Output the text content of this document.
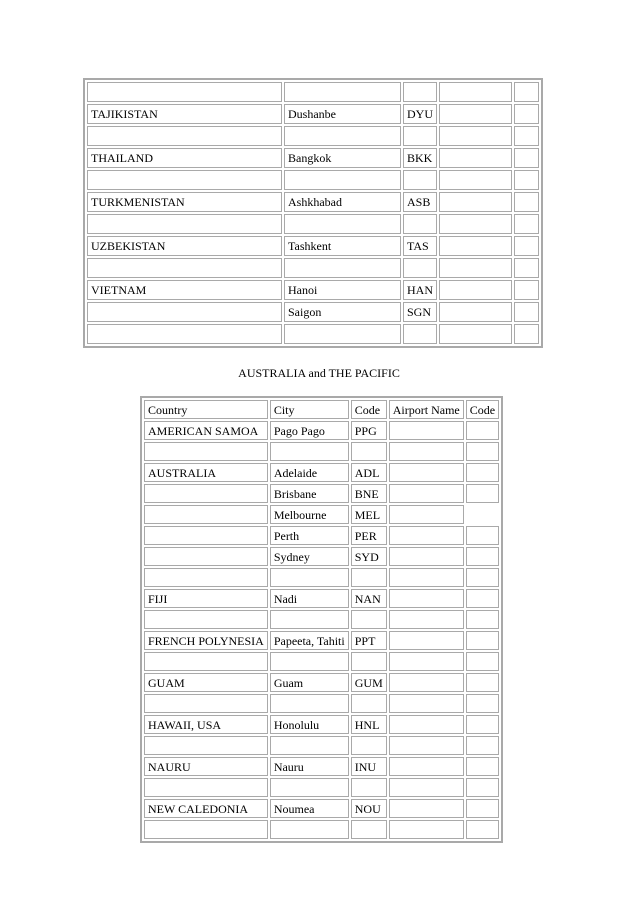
TAJIKISTAN	Dushanbe	DYU		

THAILAND	Bangkok	BKK		

TURKMENISTAN	Ashkhabad	ASB		

UZBEKISTAN	Tashkent	TAS		

VIETNAM	Hanoi	HAN		
	Saigon	SGN		

AUSTRALIA and THE PACIFIC
Country	City	Code	Airport Name	Code
AMERICAN SAMOA	Pago Pago	PPG		

AUSTRALIA	Adelaide	ADL		
	Brisbane	BNE		
	Melbourne	MEL		
	Perth	PER		
	Sydney	SYD		

FIJI	Nadi	NAN		

FRENCH POLYNESIA	Papeeta, Tahiti	PPT		

GUAM	Guam	GUM		

HAWAII, USA	Honolulu	HNL		

NAURU	Nauru	INU		

NEW CALEDONIA	Noumea	NOU		
